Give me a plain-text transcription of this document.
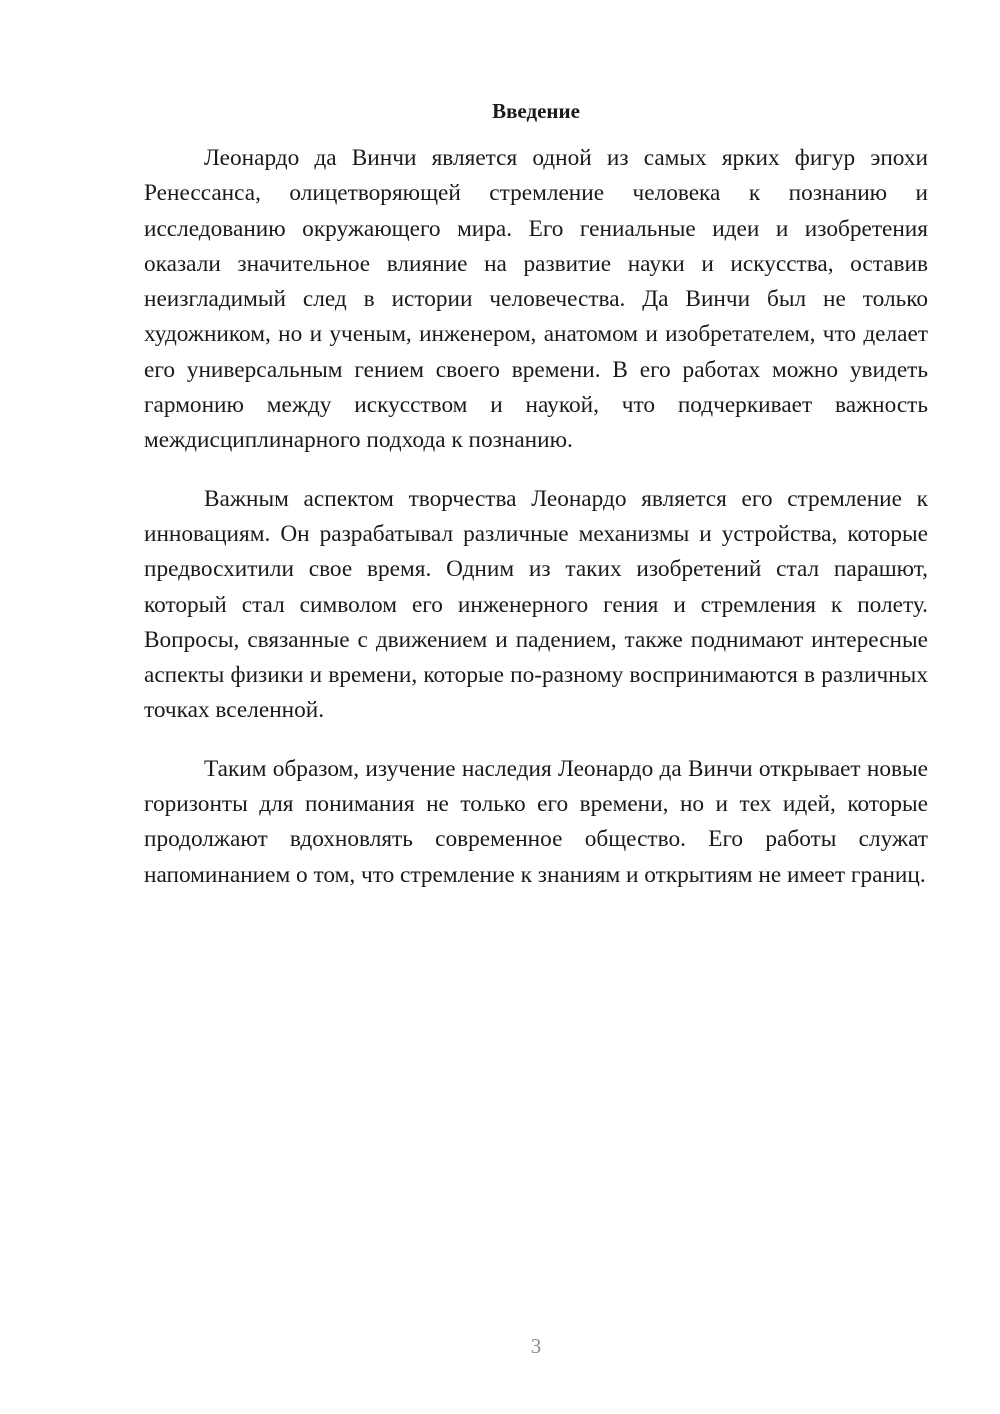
Введение

Леонардо да Винчи является одной из самых ярких фигур эпохи Ренессанса, олицетворяющей стремление человека к познанию и исследованию окружающего мира. Его гениальные идеи и изобретения оказали значительное влияние на развитие науки и искусства, оставив неизгладимый след в истории человечества. Да Винчи был не только художником, но и ученым, инженером, анатомом и изобретателем, что делает его универсальным гением своего времени. В его работах можно увидеть гармонию между искусством и наукой, что подчеркивает важность междисциплинарного подхода к познанию.

Важным аспектом творчества Леонардо является его стремление к инновациям. Он разрабатывал различные механизмы и устройства, которые предвосхитили свое время. Одним из таких изобретений стал парашют, который стал символом его инженерного гения и стремления к полету. Вопросы, связанные с движением и падением, также поднимают интересные аспекты физики и времени, которые по-разному воспринимаются в различных точках вселенной.

Таким образом, изучение наследия Леонардо да Винчи открывает новые горизонты для понимания не только его времени, но и тех идей, которые продолжают вдохновлять современное общество. Его работы служат напоминанием о том, что стремление к знаниям и открытиям не имеет границ.

3
